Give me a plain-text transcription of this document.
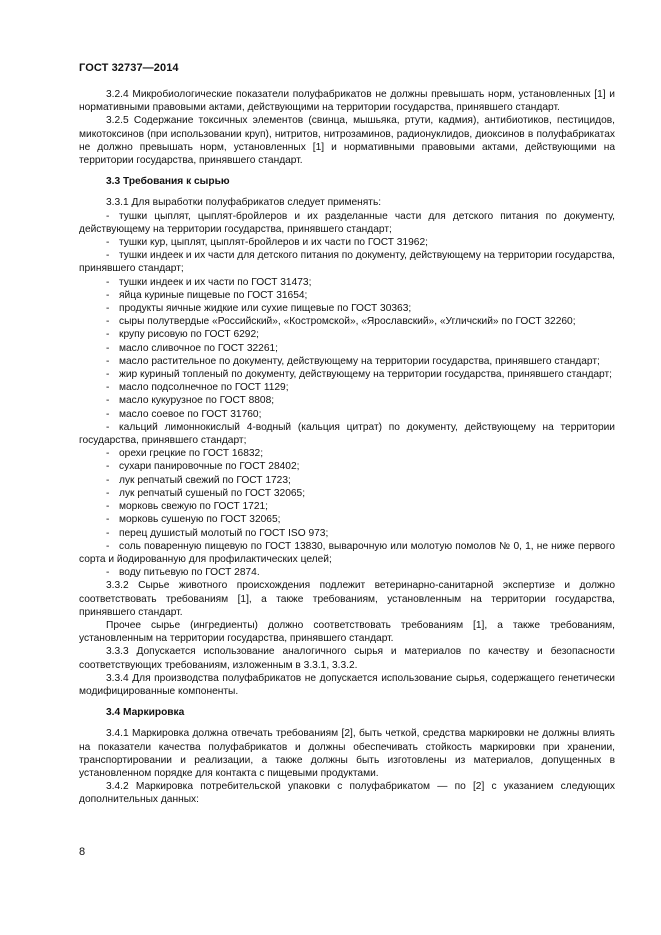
ГОСТ 32737—2014

3.2.4 Микробиологические показатели полуфабрикатов не должны превышать норм, установленных [1] и нормативными правовыми актами, действующими на территории государства, принявшего стандарт.

3.2.5 Содержание токсичных элементов (свинца, мышьяка, ртути, кадмия), антибиотиков, пестицидов, микотоксинов (при использовании круп), нитритов, нитрозаминов, радионуклидов, диоксинов в полуфабрикатах не должно превышать норм, установленных [1] и нормативными правовыми актами, действующими на территории государства, принявшего стандарт.

3.3 Требования к сырью

3.3.1 Для выработки полуфабрикатов следует применять:

- тушки цыплят, цыплят-бройлеров и их разделанные части для детского питания по документу, действующему на территории государства, принявшего стандарт;

- тушки кур, цыплят, цыплят-бройлеров и их части по ГОСТ 31962;

- тушки индеек и их части для детского питания по документу, действующему на территории государства, принявшего стандарт;

- тушки индеек и их части по ГОСТ 31473;

- яйца куриные пищевые по ГОСТ 31654;

- продукты яичные жидкие или сухие пищевые по ГОСТ 30363;

- сыры полутвердые «Российский», «Костромской», «Ярославский», «Угличский» по ГОСТ 32260;

- крупу рисовую по ГОСТ 6292;

- масло сливочное по ГОСТ 32261;

- масло растительное по документу, действующему на территории государства, принявшего стандарт;

- жир куриный топленый по документу, действующему на территории государства, принявшего стандарт;

- масло подсолнечное по ГОСТ 1129;

- масло кукурузное по ГОСТ 8808;

- масло соевое по ГОСТ 31760;

- кальций лимоннокислый 4-водный (кальция цитрат) по документу, действующему на территории государства, принявшего стандарт;

- орехи грецкие по ГОСТ 16832;

- сухари панировочные по ГОСТ 28402;

- лук репчатый свежий по ГОСТ 1723;

- лук репчатый сушеный по ГОСТ 32065;

- морковь свежую по ГОСТ 1721;

- морковь сушеную по ГОСТ 32065;

- перец душистый молотый по ГОСТ ISO 973;

- соль поваренную пищевую по ГОСТ 13830, выварочную или молотую помолов № 0, 1, не ниже первого сорта и йодированную для профилактических целей;

- воду питьевую по ГОСТ 2874.

3.3.2 Сырье животного происхождения подлежит ветеринарно-санитарной экспертизе и должно соответствовать требованиям [1], а также требованиям, установленным на территории государства, принявшего стандарт.

Прочее сырье (ингредиенты) должно соответствовать требованиям [1], а также требованиям, установленным на территории государства, принявшего стандарт.

3.3.3 Допускается использование аналогичного сырья и материалов по качеству и безопасности соответствующих требованиям, изложенным в 3.3.1, 3.3.2.

3.3.4 Для производства полуфабрикатов не допускается использование сырья, содержащего генетически модифицированные компоненты.

3.4 Маркировка

3.4.1 Маркировка должна отвечать требованиям [2], быть четкой, средства маркировки не должны влиять на показатели качества полуфабрикатов и должны обеспечивать стойкость маркировки при хранении, транспортировании и реализации, а также должны быть изготовлены из материалов, допущенных в установленном порядке для контакта с пищевыми продуктами.

3.4.2 Маркировка потребительской упаковки с полуфабрикатом — по [2] с указанием следующих дополнительных данных:

8
